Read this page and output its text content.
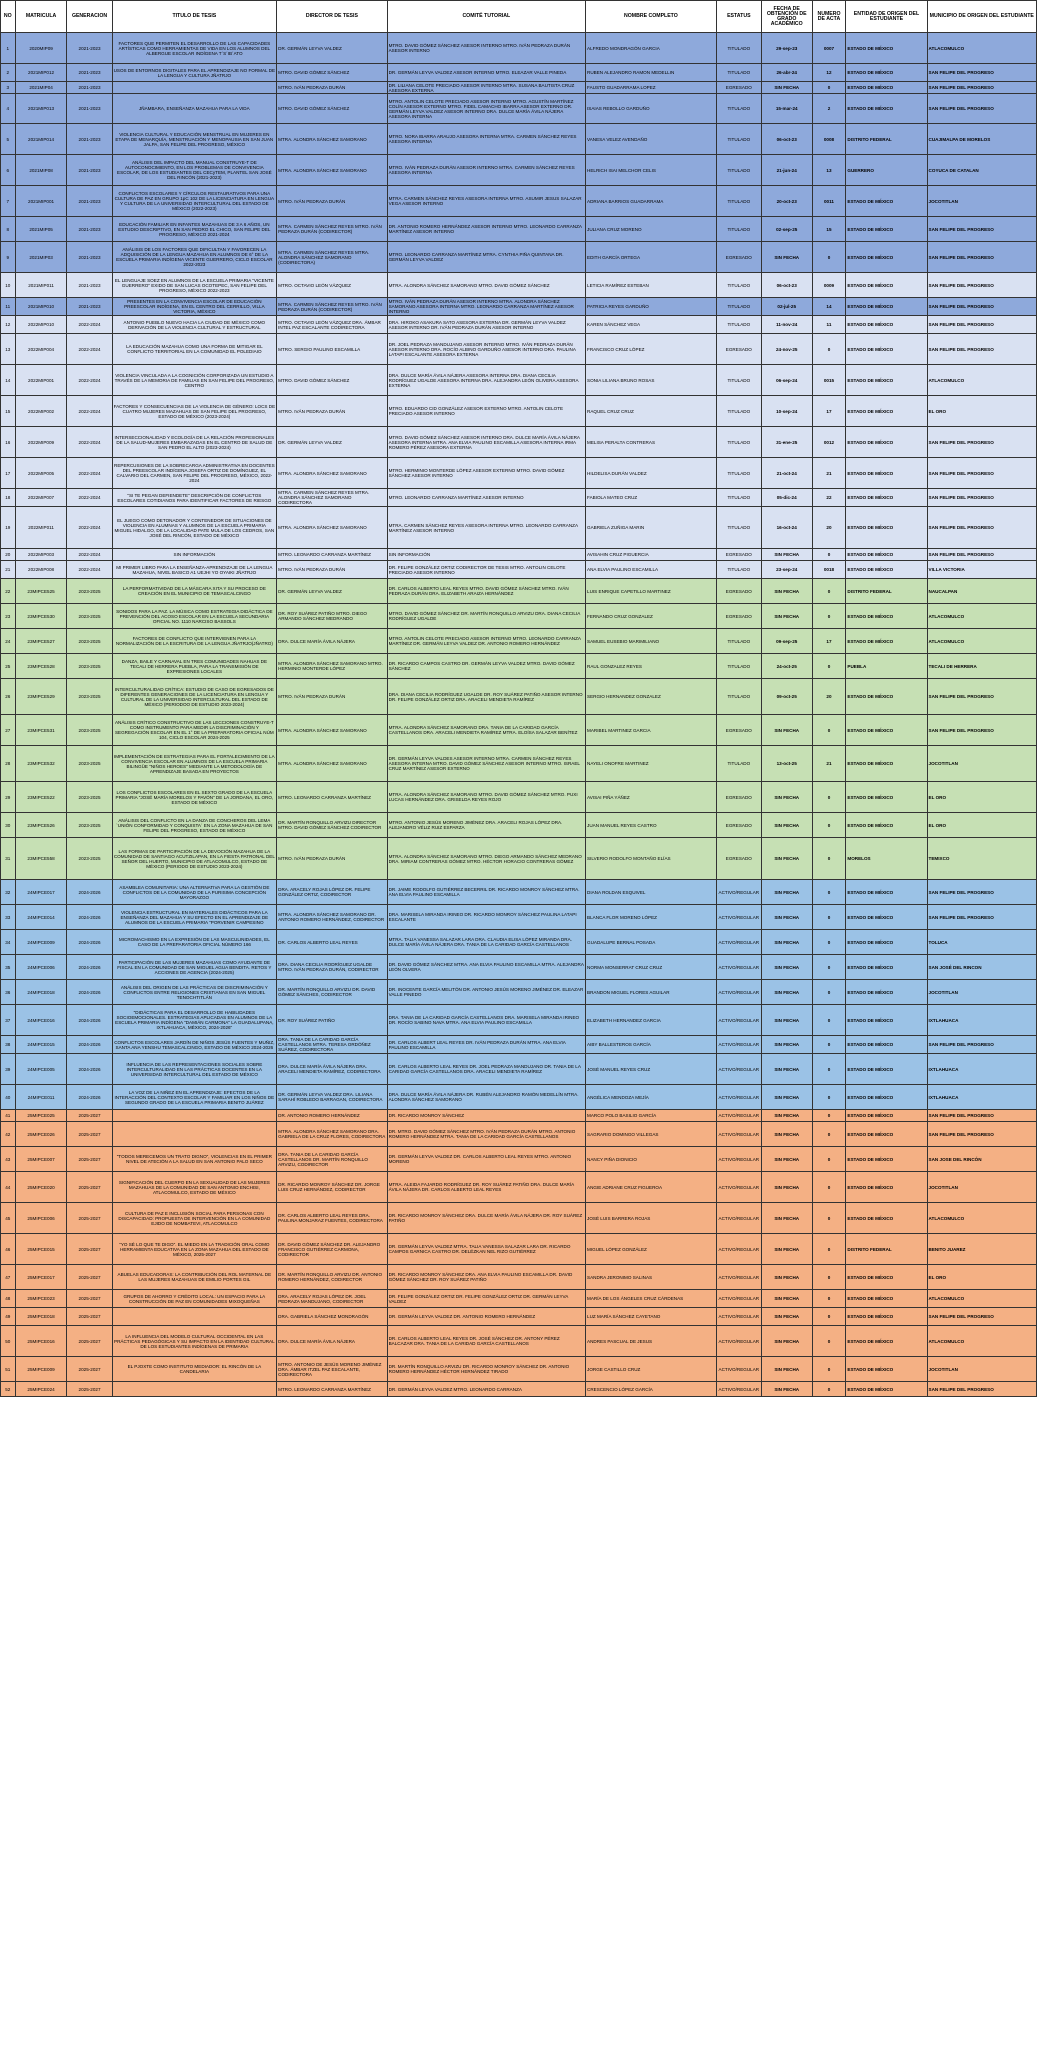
NO	MATRICULA	GENERACION	TITULO DE TESIS	DIRECTOR DE TESIS	COMITÉ TUTORIAL	NOMBRE COMPLETO	ESTATUS	FECHA DE OBTENCIÓN DE GRADO ACADÉMICO	NUMERO DE ACTA	ENTIDAD DE ORIGEN DEL ESTUDIANTE	MUNICIPIO DE ORIGEN DEL ESTUDIANTE
1	2020MIP09	2021-2023	FACTORES QUE PERMITEN EL DESARROLLO DE LAS CAPACIDADES ARTÍSTICAS COMO HERRAMIENTAS DE VIDA EN LOS ALUMNOS DEL ALBERGUE ESCOLAR INDÍGENA T´S´IB´ATO	DR. GERMÁN LEYVA VALDEZ	MTRO. DAVID GÓMEZ SÁNCHEZ ASESOR INTERNO MTRO. IVÁN PEDRAZA DURÁN ASESOR INTERNO	ALFREDO MONDRAGÓN GARCIA	TITULADO	29-sep-23	0007	ESTADO DE MÉXICO	ATLACOMULCO
2	2021MIP012	2021-2023	USOS DE ENTORNOS DIGITALES PARA EL APRENDIZAJE NO FORMAL DE LA LENGUA Y CULTURA JÑATRJO	MTRO. DAVID GÓMEZ SÁNCHEZ	DR. GERMÁN LEYVA VALDEZ ASESOR INTERNO MTRO. ELEAZAR VALLE PINEDA	RUBEN ALEJANDRO RAMON MEDELLIN	TITULADO	26-abr-24	12	ESTADO DE MÉXICO	SAN FELIPE DEL PROGRESO
3	2021MIP04	2021-2023		MTRO. IVÁN PEDRAZA DURÁN	DR. LILIANA CELOTE PRECIADO ASESOR INTERNO MTRA. SUSANA BAUTISTA CRUZ ASESORA EXTERNA	FAUSTO GUADARRAMA LOPEZ	EGRESADO	SIN FECHA	0	ESTADO DE MÉXICO	SAN FELIPE DEL PROGRESO
4	2021MIP013	2021-2023	JÑAMBARA, ENSEÑANZA MAZAHUA PARA LA VIDA	MTRO. DAVID GÓMEZ SÁNCHEZ	MTRO. ANTOLIN CELOTE PRECIADO ASESOR INTERNO MTRO. AGUSTÍN MARTÍNEZ COLÍN ASESOR EXTERNO MTRO. FIDEL CAMACHO IBARRA ASESOR EXTERNO DR. GERMÁN LEYVA VALDEZ ASESOR INTERNO DRA. DULCE MARÍA ÁVILA NÁJERA ASESORA INTERNA	ISAIAS REBOLLO GARDUÑO	TITULADO	15-mar-24	2	ESTADO DE MÉXICO	SAN FELIPE DEL PROGRESO
5	2021MIP014	2021-2023	VIOLENCIA CULTURAL Y EDUCACIÓN MENSTRUAL EN MUJERES EN ETAPA DE MENARQUÍA, MENSTRUACIÓN Y MENOPAUSIA EN SAN JUAN JALPA, SAN FELIPE DEL PROGRESO, MÉXICO	MTRA. ALONDRA SÁNCHEZ SAMORANO	MTRO. NORA IBARRA ARAUJO ASESORA INTERNA MTRA. CARMEN SÁNCHEZ REYES ASESORA INTERNA	VANESA VELEZ AVENDAÑO	TITULADO	06-oct-23	0008	DISTRITO FEDERAL	CUAJIMALPA DE MORELOS
6	2021MIP08	2021-2023	ANÁLISIS DEL IMPACTO DEL MANUAL CONSTRUYE-T DE AUTOCONOCIMIENTO, EN LOS PROBLEMAS DE CONVIVENCIA ESCOLAR, DE LOS ESTUDIANTES DEL CECyTEM, PLANTEL SAN JOSÉ DEL RINCÓN (2021-2023)	MTRA. ALONDRA SÁNCHEZ SAMORANO	MTRO. IVÁN PEDRAZA DURÁN ASESOR INTERNO MTRA. CARMEN SÁNCHEZ REYES ASESORA INTERNA	HELRICH ISAI MELCHOR CELIS	TITULADO	21-jun-24	13	GUERRERO	COYUCA DE CATALAN
7	2021MIP001	2021-2023	CONFLICTOS ESCOLARES Y CÍRCULOS RESTAURATIVOS PARA UNA CULTURA DE PAZ EN GRUPO 1pC 102 DE LA LICENCIATURA EN LENGUA Y CULTURA DE LA UNIVERSIDAD INTERCULTURAL DEL ESTADO DE MÉXICO (2022-2023)	MTRO. IVÁN PEDRAZA DURÁN	MTRA. CARMEN SÁNCHEZ REYES ASESORA INTERNA MTRO. ASUMIR JESUS SALAZAR VEGA ASESOR INTERNO	ADRIANA BARRIOS GUADARRAMA	TITULADO	20-oct-23	0011	ESTADO DE MÉXICO	JOCOTITLAN
8	2021MIP05	2021-2023	EDUCACIÓN FAMILIAR EN INFANTES MAZAHUAS DE 3 A 6 AÑOS, UN ESTUDIO DESCRIPTIVO, EN SAN PEDRO EL CHICO, SAN FELIPE DEL PROGRESO, MÉXICO 2021-2024	MTRA. CARMEN SÁNCHEZ REYES MTRO. IVÁN PEDRAZA DURÁN (CODIRECTOR)	DR. ANTONIO ROMERO HERNÁNDEZ ASESOR INTERNO MTRO. LEONARDO CARRANZA MARTÍNEZ ASESOR INTERNO	JULIANA CRUZ MORENO	TITULADO	02-sep-25	15	ESTADO DE MÉXICO	SAN FELIPE DEL PROGRESO
9	2021MIP03	2021-2023	ANÁLISIS DE LOS FACTORES QUE DIFICULTAN Y FAVORECEN LA ADQUISICIÓN DE LA LENGUA MAZAHUA EN ALUMNOS DE 6° DE LA ESCUELA PRIMARIA INDÍGENA VICENTE GUERRERO, CICLO ESCOLAR 2022-2023	MTRA. CARMEN SÁNCHEZ REYES MTRA. ALONDRA SÁNCHEZ SAMORANO (CODIRECTORA)	MTRO. LEONARDO CARRANZA MARTÍNEZ MTRA. CYNTHIA PIÑA QUINTANA DR. GERMÁN LEYVA VALDEZ	EDITH GARCÍA ORTEGA	EGRESADO	SIN FECHA	0	ESTADO DE MÉXICO	SAN FELIPE DEL PROGRESO
10	2021MIP011	2021-2023	EL LENGUAJE SOEZ EN ALUMNOS DE LA ESCUELA PRIMARIA "VICENTE GUERRERO" EXIDO DE SAN LUCAS OCOTEPEC, SAN FELIPE DEL PROGRESO, MÉXICO 2022-2023	MTRO. OCTAVIO LEÓN VÁZQUEZ	MTRA. ALONDRA SÁNCHEZ SAMORANO MTRO. DAVID GÓMEZ SÁNCHEZ	LETICIA RAMÍREZ ESTEBAN	TITULADO	06-oct-23	0009	ESTADO DE MÉXICO	SAN FELIPE DEL PROGRESO
11	2021MIP010	2021-2023	PRESENTES EN LA CONVIVENCIA ESCOLAR DE EDUCACIÓN PREESCOLAR INDÍGENA, EN EL CENTRO DEL CERRILLO, VILLA VICTORIA, MÉXICO	MTRA. CARMEN SÁNCHEZ REYES MTRO. IVÁN PEDRAZA DURÁN (CODIRECTOR)	MTRO. IVÁN PEDRAZA DURÁN ASESOR INTERNO MTRA. ALONDRA SÁNCHEZ SAMORANO ASESORA INTERNA MTRO. LEONARDO CARRANZA MARTÍNEZ ASESOR INTERNO	PATRICIA REYES GARDUÑO	TITULADO	02-jul-25	14	ESTADO DE MÉXICO	SAN FELIPE DEL PROGRESO
12	2022MIP010	2022-2024	ANTONIO PUEBLO NUEVO HACIA LA CIUDAD DE MÉXICO COMO DERIVACIÓN DE LA VIOLENCIA CULTURAL Y ESTRUCTURAL	MTRO. OCTAVIO LEÓN VÁZQUEZ DRA. ÁMBAR INTEL PAZ ESCALANTE CODIRECTORA	DRA. HIROKO ASAKURA SATO ASESORA EXTERNA DR. GERMÁN LEYVA VALDEZ ASESOR INTERNO DR. IVÁN PEDRAZA DURÁN ASESOR INTERNO	KAREN SÁNCHEZ VEGA	TITULADO	11-nov-24	11	ESTADO DE MÉXICO	SAN FELIPE DEL PROGRESO
13	2022MIP004	2022-2024	LA EDUCACIÓN MAZAHUA COMO UNA FORMA DE MITIGAR EL CONFLICTO TERRITORIAL EN LA COMUNIDAD EL POLEDIAIO	MTRO. SERGIO PAULINO ESCAMILLA	DR. JOEL PEDRAZA MANDUJANO ASESOR INTERNO MTRO. IVÁN PEDRAZA DURÁN ASESOR INTERNO DRA. ROCÍO ALBINO GARDUÑO ASESOR INTERNO DRA. PAULINA LATAPI ESCALANTE ASESORA EXTERNA	FRANCISCO CRUZ LÓPEZ	EGRESADO	24-nov-25	0	ESTADO DE MÉXICO	SAN FELIPE DEL PROGRESO
14	2022MIP001	2022-2024	VIOLENCIA VINCULADA A LA COGNICIÓN CORPORIZADA UN ESTUDIO A TRAVÉS DE LA MEMORIA DE FAMILIAS EN SAN FELIPE DEL PROGRESO, CENTRO	MTRO. DAVID GÓMEZ SÁNCHEZ	DRA. DULCE MARÍA ÁVILA NÁJERA ASESORA INTERNA DRA. DIANA CECILIA RODRÍGUEZ UGALDE ASESORA INTERNA DRA. ALEJANDRA LEÓN OLIVERA ASESORA EXTERNA	SONIA LILIANA BRUNO ROSAS	TITULADO	06-sep-24	0015	ESTADO DE MÉXICO	ATLACOMULCO
15	2022MIP002	2022-2024	FACTORES Y CONSECUENCIAS DE LA VIOLENCIA DE GÉNERO: LOCS DE CUATRO MUJERES MAZAHUAS DE SAN FELIPE DEL PROGRESO, ESTADO DE MÉXICO (2023-2024)	MTRO. IVÁN PEDRAZA DURÁN	MTRO. EDUARDO CID GONZÁLEZ ASESOR EXTERNO MTRO. ANTOLIN CELOTE PRECIADO ASESOR INTERNO	RAQUEL CRUZ CRUZ	TITULADO	10-sep-24	17	ESTADO DE MÉXICO	EL ORO
16	2022MIP009	2022-2024	INTERSECCIONALIDAD Y ECOLOGÍA DE LA RELACIÓN PROFESIONALES DE LA SALUD-MUJERES EMBARAZADAS EN EL CENTRO DE SALUD DE SAN PEDRO EL ALTO (2023-2024)	DR. GERMÁN LEYVA VALDEZ	MTRO. DAVID GÓMEZ SÁNCHEZ ASESOR INTERNO DRA. DULCE MARÍA ÁVILA NÁJERA ASESORA INTERNA MTRA. ANA ELVIA PAULINO ESCAMILLA ASESORA INTERNA IRMA ROMERO PÉREZ ASESORA EXTERNA	MELISA PERALTA CONTRERAS	TITULADO	31-ene-25	0012	ESTADO DE MÉXICO	SAN FELIPE DEL PROGRESO
17	2022MIP005	2022-2024	REPERCUSIONES DE LA SOBRECARGA ADMINISTRATIVA EN DOCENTES DEL PREESCOLAR INDÍGENA JOSEFA ORTIZ DE DOMÍNGUEZ, EL CALVARIO DEL CARMEN, SAN FELIPE DEL PROGRESO, MÉXICO, 2022-2024	MTRA. ALONDRA SÁNCHEZ SAMORANO	MTRO. HERMINIO MONTERDE LÓPEZ ASESOR EXTERNO MTRO. DAVID GÓMEZ SÁNCHEZ ASESOR INTERNO	HILDELISA DURÁN VALDEZ	TITULADO	21-oct-24	21	ESTADO DE MÉXICO	SAN FELIPE DEL PROGRESO
18	2022MIP007	2022-2024	"SI TE PEGAN DEFIENDETE" DESCRIPCIÓN DE CONFLICTOS ESCOLARES COTIDIANOS PARA IDENTIFICAR FACTORES DE RIESGO	MTRA. CARMEN SÁNCHEZ REYES MTRA. ALONDRA SÁNCHEZ SAMORANO CODIRECTORA	MTRO. LEONARDO CARRANZA MARTÍNEZ ASESOR INTERNO	FABIOLA MATEO CRUZ	TITULADO	05-dic-24	22	ESTADO DE MÉXICO	SAN FELIPE DEL PROGRESO
19	2022MIP011	2022-2024	EL JUEGO COMO DETONADOR Y CONTENEDOR DE SITUACIONES DE VIOLENCIA EN ALUMNAS Y ALUMNOS DE LA ESCUELA PRIMARIA MIGUEL HIDALGO, DE LA LOCALIDAD PATE MULA DE LOS CEDROS, SAN JOSÉ DEL RINCÓN, ESTADO DE MÉXICO	MTRA. ALONDRA SÁNCHEZ SAMORANO	MTRA. CARMEN SÁNCHEZ REYES ASESORA INTERNA MTRO. LEONARDO CARRANZA MARTÍNEZ ASESOR INTERNO	GABRIELA ZUÑIGA MARIN	TITULADO	16-oct-24	20	ESTADO DE MÉXICO	SAN FELIPE DEL PROGRESO
20	2022MIP003	2022-2024	SIN INFORMACIÓN	MTRO. LEONARDO CARRANZA MARTÍNEZ	SIN INFORMACIÓN	AVISAHIN CRUZ PIGUERCIA	EGRESADO	SIN FECHA	0	ESTADO DE MÉXICO	SAN FELIPE DEL PROGRESO
21	2022MIP008	2022-2024	MI PRIMER LIBRO PARA LA ENSEÑANZA-APRENDIZAJE DE LA LENGUA MAZAHUA, NIVEL BASICO A1 UEJHI YO OYAIKI JÑATRJO	MTRO. IVÁN PEDRAZA DURÁN	DR. FELIPE GONZÁLEZ ORTIZ CODIRECTOR DE TESIS MTRO. ANTOLIN CELOTE PRECIADO ASESOR INTERNO	ANA ELVIA PAULINO ESCAMILLA	TITULADO	23-sep-24	0018	ESTADO DE MÉXICO	VILLA VICTORIA
22	23MIPCE525	2023-2025	LA PERFORMATIVIDAD DE LA MÁSCARA XITA Y SU PROCESO DE CREACIÓN EN EL MUNICIPIO DE TEMASCALCINGO	DR. GERMÁN LEYVA VALDEZ	DR. CARLOS ALBERTO LEAL REYES MTRO. DAVID GÓMEZ SÁNCHEZ MTRO. IVÁN PEDRAZA DURÁN DRA. ELIZABETH ARAIZA HERNÁNDEZ	LUIS ENRIQUE CAPETILLO MARTINEZ	EGRESADO	SIN FECHA	0	DISTRITO FEDERAL	NAUCALPAN
23	23MIPCE530	2023-2025	SONIDOS PARA LA PAZ. LA MÚSICA COMO ESTRATEGIA DIDÁCTICA DE PREVENCIÓN DEL ACOSO ESCOLAR EN LA ESCUELA SECUNDARIA OFICIAL NO. 1110 NARCISO BASSOLS	DR. ROY SUÁREZ PATIÑO MTRO. DIEGO ARMANDO SÁNCHEZ MEDRANDO	MTRO. DAVID GÓMEZ SÁNCHEZ DR. MARTÍN RONQUILLO ARVIZU DRA. DIANA CECILIA RODRÍGUEZ UGALDE	FERNANDO CRUZ GONZALEZ	EGRESADO	SIN FECHA	0	ESTADO DE MÉXICO	ATLACOMULCO
24	23MIPCE527	2023-2025	FACTORES DE CONFLICTO QUE INTERVIENEN PARA LA NORMALIZACIÓN DE LA ESCRITURA DE LA LENGUA JÑATRJO(JÑATRO)	DRA. DULCE MARÍA ÁVILA NÁJERA	MTRO. ANTOLIN CELOTE PRECIADO ASESOR INTERNO MTRO. LEONARDO CARRANZA MARTÍNEZ DR. GERMÁN LEYVA VALDEZ DR. ANTONIO ROMERO HERNÁNDEZ	SAMUEL EUSEBIO MARIMILIANO	TITULADO	09-sep-25	17	ESTADO DE MÉXICO	ATLACOMULCO
25	23MIPCE528	2023-2025	DANZA, BAILE Y CARNAVAL EN TRES COMUNIDADES NAHUAS DE TECALI DE HERRERA PUEBLA, PARA LA TRANSMISIÓN DE EXPRESIONES LOCALES	MTRA. ALONDRA SÁNCHEZ SAMORANO MTRO. HERMINIO MONTERDE LÓPEZ	DR. RICARDO CAMPOS CASTRO DR. GERMÁN LEYVA VALDEZ MTRO. DAVID GÓMEZ SÁNCHEZ	RAUL GONZALEZ REYES	TITULADO	24-oct-25	0	PUEBLA	TECALI DE HERRERA
26	23MIPCE529	2023-2025	INTERCULTURALIDAD CRÍTICA: ESTUDIO DE CASO DE EGRESADOS DE DIFERENTES GENERACIONES DE LA LICENCIATURA EN LENGUA Y CULTURAL DE LA UNIVERSIDAD INTERCULTURAL DEL ESTADO DE MÉXICO (PERIODOO DE ESTUDIO 2023-2024)	MTRO. IVÁN PEDRAZA DURÁN	DRA. DIANA CECILIA RODRÍGUEZ UGALDE DR. ROY SUÁREZ PATIÑO ASESOR INTERNO DR. FELIPE GONZÁLEZ ORTIZ DRA. ARACELI MENDIETA RAMÍREZ	SERGIO HERNANDEZ GONZALEZ	TITULADO	09-oct-25	20	ESTADO DE MÉXICO	SAN FELIPE DEL PROGRESO
27	23MIPCE531	2023-2025	ANÁLISIS CRÍTICO CONSTRUCTIVO DE LAS LECCIONES CONSTRUYE-T COMO INSTRUMENTO PARA MEDIR LA DISCRIMINACIÓN Y SEGREGACIÓN ESCOLAR EN EL 1° DE LA PREPARATORIA OFICIAL NÚM 104, CICLO ESCOLAR 2024-2025	MTRA. ALONDRA SÁNCHEZ SAMORANO	MTRA. ALONDRA SÁNCHEZ SAMORANO DRA. TANIA DE LA CARIDAD GARCÍA CASTELLANOS DRA. ARACELI MENDIETA RAMÍREZ MTRA. ELOÍSA SALAZAR BENÍTEZ	MARIBEL MARTINEZ GARCIA	EGRESADO	SIN FECHA	0	ESTADO DE MÉXICO	SAN FELIPE DEL PROGRESO
28	23MIPCE532	2023-2025	IMPLEMENTACIÓN DE ESTRATEGIAS PARA EL FORTALECIMIENTO DE LA CONVIVENCIA ESCOLAR EN ALUMNOS DE LA ESCUELA PRIMARIA BILINGÜE "NIÑOS HEROES" MEDIANTE LA METODOLOGÍA DE APRENDIZAJE BASADA EN PROYECTOS	MTRA. ALONDRA SÁNCHEZ SAMORANO	DR. GERMÁN LEYVA VALDES ASESOR INTERNO MTRA. CARMEN SÁNCHEZ REYES ASESORA INTERNA MTRO. DAVID GÓMEZ SÁNCHEZ ASESOR INTERNO MTRO. ISRAEL CRUZ MARTÍNEZ ASESOR EXTERNO	NAYELI ONOFRE MARTINEZ	TITULADO	13-oct-25	21	ESTADO DE MÉXICO	JOCOTITLAN
29	23MIPCE522	2023-2025	LOS CONFLICTOS ESCOLARES EN EL SEXTO GRADO DE LA ESCUELA PRIMARIA "JOSÉ MARÍA MORELOS Y PAVÓN" DE LA JORDANA, EL ORO, ESTADO DE MÉXICO	MTRO. LEONARDO CARRANZA MARTÍNEZ	MTRA. ALONDRA SÁNCHEZ SAMORANO MTRO. DAVID GÓMEZ SÁNCHEZ MTRO. PUXI LUCAS HERNÁNDEZ DRA. GRISELDA REYES ROJO	AVISAI PIÑA YÁÑEZ	EGRESADO	SIN FECHA	0	ESTADO DE MÉXICO	EL ORO
30	23MIPCE526	2023-2025	ANÁLISIS DEL CONFLICTO EN LA DANZA DE CONCHEROS DEL LEMA `UNIÓN CONFORMIDAD Y CONQUISTA´ EN LA ZONA MAZAHUA DE SAN FELIPE DEL PROGRESO, ESTADO DE MÉXICO	DR. MARTÍN RONQUILLO ARVIZU DIRECTOR MTRO. DAVID GÓMEZ SÁNCHEZ CODIRECTOR	MTRO. ANTONIO JESÚS MORENO JIMÉNEZ DRA. ARACELI ROJAS LÓPEZ DRA. ALEJANDRO VÉLIZ RUIZ ESPARZA	JUAN MANUEL REYES CASTRO	EGRESADO	SIN FECHA	0	ESTADO DE MÉXICO	EL ORO
31	23MIPCE558	2023-2025	LAS FORMAS DE PARTICIPACIÓN DE LA DEVOCIÓN MAZAHUA DE LA COMUNIDAD DE SANTIAGO ACUTZILAPAN, EN LA FIESTA PATRONAL DEL SEÑOR DEL HUERTO, MUNICIPIO DE ATLACOMULCO, ESTADO DE MÉXICO (PERIODO DE ESTUDIO 2023-2024)	MTRO. IVÁN PEDRAZA DURÁN	MTRA. ALONDRA SÁNCHEZ SAMORANO MTRO. DIEGO ARMANDO SÁNCHEZ MEDRANO DRA. MIRIAM CONTRERAS GÓMEZ MTRO. HÉCTOR HORACIO CONTRERAS GÓMEZ	SILVERIO RODOLFO MONTAÑO ELÍAS	EGRESADO	SIN FECHA	0	MORELOS	TEMIXCO
32	24MIPCE017	2024-2026	ASAMBLEA COMUNITARIA: UNA ALTERNATIVA PARA LA GESTIÓN DE CONFLICTOS DE LA COMUNIDAD DE LA PURISIMA CONCEPCIÓN MAYORAZGO	DRA. ARACELY ROJAS LÓPEZ DR. FELIPE GONZÁLEZ ORTIZ, CODIRECTOR	DR. JAIME RODOLFO GUTIÉRREZ BECERRIL DR. RICARDO MONROY SÁNCHEZ MTRA. ANA ELVIA PAULINO ESCAMILLA	DIANA ROLDAN ESQUIVEL	ACTIVO/REGULAR	SIN FECHA	0	ESTADO DE MÉXICO	SAN FELIPE DEL PROGRESO
33	24MIPCE014	2024-2026	VIOLENCIA ESTRUCTURAL EN MATERIALES DIDÁCTICOS PARA LA ENSEÑANZA DEL MAZAHUA Y SU EFECTO EN EL APRENDIZAJE DE ALUMNOS DE LA ESCUELA PRIMARIA "PORVENIR CAMPESINO	MTRA. ALONDRA SÁNCHEZ SAMORANO DR. ANTONIO ROMERO HERNÁNDEZ, CODIRECTOR	DRA. MARISELA MIRANDA IRINEO DR. RICARDO MONROY SÁNCHEZ PAULINA LATAPI ESCALANTE	BLANCA FLOR MORENO LÓPEZ	ACTIVO/REGULAR	SIN FECHA	0	ESTADO DE MÉXICO	SAN FELIPE DEL PROGRESO
34	24MIPCE009	2024-2026	MICROMACHISMO EN LA EXPRESIÓN DE LAS MASCULINIDADES, EL CASO DE LA PREPARATORIA OFICIAL NÚMERO 166	DR. CARLOS ALBERTO LEAL REYES	MTRA. TALIA VANESSA SALAZAR LARA DRA. CLAUDIA ELISA LÓPEZ MIRANDA DRA. DULCE MARÍA ÁVILA NÁJERA DRA. TANIA DE LA CARIDAD GARCÍA CASTELLANOS	GUADALUPE BERNAL POSADA	ACTIVO/REGULAR	SIN FECHA	0	ESTADO DE MÉXICO	TOLUCA
35	24MIPCE006	2024-2026	PARTICIPACIÓN DE LAS MUJERES MAZAHUAS COMO AYUDANTE DE FISCAL EN LA COMUNIDAD DE SAN MIGUEL AGUA BENDITA. RETOS Y ACCIONES DE AGENCIA (2024-2025)	DRA. DIANA CECILIA RODRÍGUEZ UGALDE MTRO. IVÁN PEDRAZA DURÁN, CODIRECTOR	DR. DAVID GÓMEZ SÁNCHEZ MTRA. ANA ELVIA PAULINO ESCAMILLA MTRA. ALEJANDRA LEÓN OLVERA	NORMA MONSERRAT CRUZ CRUZ	ACTIVO/REGULAR	SIN FECHA	0	ESTADO DE MÉXICO	SAN JOSÉ DEL RINCON
36	24MIPCE018	2024-2026	ANÁLISIS DEL ORIGEN DE LAS PRÁCTICAS DE DISCRIMINACIÓN Y CONFLICTOS ENTRE RELIGIONES CRISTIANAS EN SAN MIGUEL TENOCHTITLÁN	DR. MARTÍN RONQUILLO ARVIZU DR. DAVID GÓMEZ SÁNCHES, CODIRECTOR	DR. INOCENTE GARCÍA MELITÓN DR. ANTONIO JESÚS MORENO JIMÉNEZ DR. ELEAZAR VALLE PINEDO	BRANDON MIGUEL FLORES AGUILAR	ACTIVO/REGULAR	SIN FECHA	0	ESTADO DE MÉXICO	JOCOTITLAN
37	24MIPCE016	2024-2026	"DIDÁCTICAS PARA EL DESARROLLO DE HABILIDADES SOCIOEMOCIONALES. ESTRATEGIAS APLICADAS EN ALUMNOS DE LA ESCUELA PRIMARIA INDÍGENA "DAMIÁN CARMONA" LA GUADALUPANA, IXTLAHUACA, MÉXICO, 2024-2026"	DR. ROY SUÁREZ PATIÑO	DRA. TANIA DE LA CARIDAD GARCÍA CASTELLANOS DRA. MARISELA MIRANDA IRINEO DR. ROCÍO SABINO NAVA MTRA. ANA ELVIA PAULINO ESCAMILLA	ELIZABETH HERNANDEZ GARCIA	ACTIVO/REGULAR	SIN FECHA	0	ESTADO DE MÉXICO	IXTLAHUACA
38	24MIPCE015	2024-2026	CONFLICTOS ESCOLARES JARDÍN DE NIÑOS JESÚS FUENTES Y MUÑIZ, SANTA ANA YENSHU TEMASCALCINGO, ESTADO DE MÉXICO 2024-2026	DRA. TANIA DE LA CARIDAD GARCÍA CASTELLANOS MTRA. TERESA ORDÓÑEZ SUÁREZ, CODIRECTORA	DR. CARLOS ALBERT LEAL REYES DR. IVÁN PEDRAZA DURÁN MTRA. ANA ELVIA PAULINO ESCAMILLA	AIBY BALLESTEROS GARCÍA	ACTIVO/REGULAR	SIN FECHA	0	ESTADO DE MÉXICO	SAN FELIPE DEL PROGRESO
39	24MIPCE005	2024-2026	INFLUENCIA DE LAS REPRESENTACIONES SOCIALES SOBRE INTERCULTURALIDAD EN LAS PRÁCTICAS DOCENTES EN LA UNIVERSIDAD INTERCULTURAL DEL ESTADO DE MÉXICO	DRA. DULCE MARÍA ÁVILA NÁJERA DRA. ARACELI MENDIETA RAMÍREZ, CODIRECTORA	DR. CARLOS ALBERTO LEAL REYES DR. JOEL PEDRAZA MANDUJANO DR. TANIA DE LA CARIDAD GARCÍA CASTELLANOS DRA. ARACELI MENDIETA RAMÍREZ	JOSÉ MANUEL REYES CRUZ	ACTIVO/REGULAR	SIN FECHA	0	ESTADO DE MÉXICO	IXTLAHUACA
40	24MIPCE011	2024-2026	LA VOZ DE LA NIÑEZ EN EL APRENDIZAJE: EFECTOS DE LA INTERACCIÓN DEL CONTEXTO ESCOLAR Y FAMILIAR EN LOS NIÑOS DE SEGUNDO GRADO DE LA ESCUELA PRIMARIA BENITO JUÁREZ	DR. GERMÁN LEYVA VALDEZ DRA. LILIANA SARAHÍ ROBLEDO BARRAGAN, CODIRECTORA	DRA. DULCE MARÍA ÁVILA NÁJERA DR. RUBÉN ALEJANDRO RAMÓN MEDELLÍN MTRA. ALONDRA SÁNCHEZ SAMORANO	ANGÉLICA MENDOZA MEJÍA	ACTIVO/REGULAR	SIN FECHA	0	ESTADO DE MÉXICO	IXTLAHUACA
41	25MIPCE025	2025-2027		DR. ANTONIO ROMERO HERNÁNDEZ	DR. RICARDO MONROY SÁNCHEZ	MARCO POLO BASILIO GARCÍA	ACTIVO/REGULAR	SIN FECHA	0	ESTADO DE MÉXICO	SAN FELIPE DEL PROGRESO
42	25MIPCE026	2025-2027		MTRA. ALONDRA SÁNCHEZ SAMORANO DRA. GABRIELA DE LA CRUZ FLORES, CODIRECTORA	DR. MTRO. DAVID GÓMEZ SÁNCHEZ MTRO. IVÁN PEDRAZA DURÁN MTRO. ANTONIO ROMERO HERNÁNDEZ MTRA. TANIA DE LA CARIDAD GARCÍA CASTELLANOS	SAGRARIO DOMINGO VILLEGAS	ACTIVO/REGULAR	SIN FECHA	0	ESTADO DE MÉXICO	SAN FELIPE DEL PROGRESO
43	25MIPCE007	2025-2027	"TODOS MERECEMOS UN TRATO DIGNO", VIOLENCIAS EN EL PRIMER NIVEL DE ATECIÓN A LA SALUD EN SAN ANTONIO PALO SECO	DRA. TANIA DE LA CARIDAD GARCÍA CASTELLANOS DR. MARTÍN RONQUILLO ARVIZU, CODIRECTOR	DR. GERMÁN LEYVA VALDEZ DR. CARLOS ALBERTO LEAL REYES MTRO. ANTONIO MORENO	NANCY PIÑA DIONICIO	ACTIVO/REGULAR	SIN FECHA	0	ESTADO DE MÉXICO	SAN JOSE DEL RINCÓN
44	25MIPCE020	2025-2027	SIGNIFICACIÓN DEL CUERPO EN LA SEXUALIDAD DE LAS MUJERES MAZAHUAS DE LA COMUNIDAD DE SAN ANTONIO ENCHISI, ATLACOMULCO, ESTADO DE MÉXICO	DR. RICARDO MONROY SÁNCHEZ DR. JORGE LUIS CRUZ HERNÁNDEZ, CODIRECTOR	MTRA. ALEIDA FAJARDO RODRÍGUEZ DR. ROY SUÁREZ PATIÑO DRA. DULCE MARÍA ÁVILA NÁJERA DR. CARLOS ALBERTO LEAL REYES	ANGIE ADRIANE CRUZ FIGUEROA	ACTIVO/REGULAR	SIN FECHA	0	ESTADO DE MÉXICO	JOCOTITLAN
45	25MIPCE006	2025-2027	CULTURA DE PAZ E INCLUSIÓN SOCIAL PARA PERSONAS CON DISCAPACIDAD: PROPUESTA DE INTERVENCIÓN EN LA COMUNIDAD EJIDO DE NOMBATEVI, ATLACOMULCO	DR. CARLOS ALBERTO LEAL REYES DRA. PAULINA MONJARAZ FUENTES, CODIRECTORA	DR. RICARDO MONROY SÁNCHEZ DRA. DULCE MARÍA ÁVILA NÁJERA DR. ROY SUÁREZ PATIÑO	JOSÉ LUIS BARRERA ROJAS	ACTIVO/REGULAR	SIN FECHA	0	ESTADO DE MÉXICO	ATLACOMULCO
46	25MIPCE015	2025-2027	"YO SÉ LO QUE TE DIGO". EL MIEDO EN LA TRADICIÓN ORAL COMO HERRAMIENTA EDUCATIVA EN LA ZONA MAZAHUA DEL ESTADO DE MÉXICO, 2025-2027	DR. DAVID GÓMEZ SÁNCHEZ DR. ALEJANDRO FRANCISCO GUTIÉRREZ CARMONA, CODIRECTOR	DR. GERMÁN LEYVA VALDEZ MTRA. TALIA VANESSA SALAZAR LARA DR. RICARDO CAMPOS GARNICA CASTRO DR. DELÉZKAN NEL RIZO GUTIÉRREZ	MIGUEL LÓPEZ GONZÁLEZ	ACTIVO/REGULAR	SIN FECHA	0	DISTRITO FEDERAL	BENITO JUAREZ
47	25MIPCE017	2025-2027	ABUELAS EDUCADORAS: LA CONTRIBUCIÓN DEL ROL MATERNAL DE LAS MUJERES MAZAHUAS DE EMILIO PORTES GIL	DR. MARTÍN RONQUILLO ARVIZU DR. ANTONIO ROMERO HERNÁNDEZ, CODIRECTOR	DR. RICARDO MONROY SÁNCHEZ DRA. ANA ELVIA PAULINO ESCAMILLA DR. DAVID GÓMEZ SÁNCHEZ DR. ROY SUÁREZ PATIÑO	SANDRA JERONIMO SALINAS	ACTIVO/REGULAR	SIN FECHA	0	ESTADO DE MÉXICO	EL ORO
48	25MIPCE023	2025-2027	GRUPOS DE AHORRO Y CRÉDITO LOCAL: UN ESPACIO PARA LA CONSTRUCCIÓN DE PAZ EN COMUNIDADES MIXOQUEÑAS	DRA. ARACELY ROJAS LÓPEZ DR. JOEL PEDRAZA MANDUJANO, CODIRECTOR	DR. FELIPE GONZÁLEZ ORTIZ DR. FELIPE GONZÁLEZ ORTIZ DR. GERMÁN LEYVA VALDEZ	MARÍA DE LOS ÁNGELES CRUZ CÁRDENAS	ACTIVO/REGULAR	SIN FECHA	0	ESTADO DE MÉXICO	ATLACOMULCO
49	25MIPCE018	2025-2027		DRA. GABRIELA SÁNCHEZ MONDRAGÓN	DR. GERMÁN LEYVA VALDEZ DR. ANTONIO ROMERO HERNÁNDEZ	LUZ MARÍA SÁNCHEZ CAYETANO	ACTIVO/REGULAR	SIN FECHA	0	ESTADO DE MÉXICO	SAN FELIPE DEL PROGRESO
50	25MIPCE016	2025-2027	LA INFLUENCIA DEL MODELO CULTURAL OCCIDENTAL EN LAS PRÁCTICAS PEDAGÓGICAS Y SU IMPACTO EN LA IDENTIDAD CULTURAL DE LOS ESTUDIANTES INDÍGENAS DE PRIMARIA	DRA. DULCE MARÍA ÁVILA NÁJERA	DR. CARLOS ALBERTO LEAL REYES DR. JOSÉ SÁNCHEZ DR. ANTONY PÉREZ BALCAZAR DRA. TANIA DE LA CARIDAD GARCÍA CASTELLANOS	ANDRES PASCUAL DE JESUS	ACTIVO/REGULAR	SIN FECHA	0	ESTADO DE MÉXICO	ATLACOMULCO
51	25MIPCE009	2025-2027	EL PJOXTE COMO INSTITUTO MEDIADOR: EL RINCÓN DE LA CANDELARIA	MTRO. ANTONIO DE JESÚS MORENO JIMÉNEZ DRA. ÁMBAR ITZEL PAZ ESCALANTE, CODIRECTORA	DR. MARTÍN RONQUILLO ARVIZU DR. RICARDO MONROY SÁNCHEZ DR. ANTONIO ROMERO HERNÁNDEZ HÉCTOR HERNÁNDEZ TIRADO	JORGE CASTILLO CRUZ	ACTIVO/REGULAR	SIN FECHA	0	ESTADO DE MÉXICO	JOCOTITLAN
52	25MIPCE024	2025-2027		MTRO. LEONARDO CARRANZA MARTÍNEZ	DR. GERMÁN LEYVA VALDEZ MTRO. LEONARDO CARRANZA	CRESCENCIO LÓPEZ GARCÍA	ACTIVO/REGULAR	SIN FECHA	0	ESTADO DE MÉXICO	SAN FELIPE DEL PROGRESO
